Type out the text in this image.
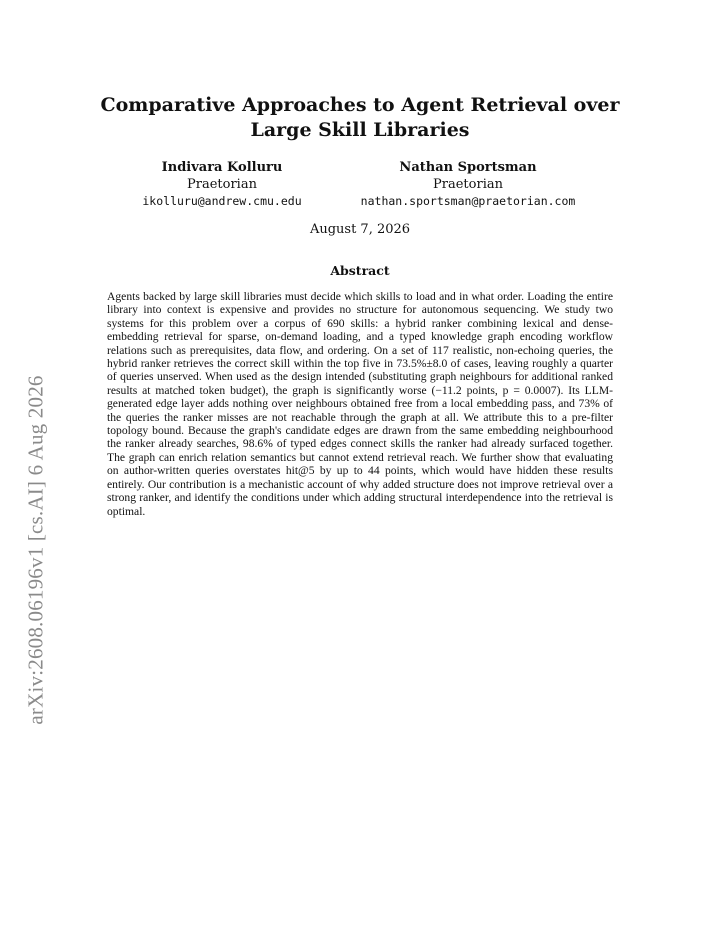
arXiv:2608.06196v1 [cs.AI] 6 Aug 2026
Comparative Approaches to Agent Retrieval over Large Skill Libraries
Indivara Kolluru
Praetorian
ikolluru@andrew.cmu.edu
Nathan Sportsman
Praetorian
nathan.sportsman@praetorian.com
August 7, 2026
Abstract

Agents backed by large skill libraries must decide which skills to load and in what order. Loading the entire library into context is expensive and provides no structure for autonomous sequencing. We study two systems for this problem over a corpus of 690 skills: a hybrid ranker combining lexical and dense-embedding retrieval for sparse, on-demand loading, and a typed knowledge graph encoding workflow relations such as prerequisites, data flow, and ordering. On a set of 117 realistic, non-echoing queries, the hybrid ranker retrieves the correct skill within the top five in 73.5%±8.0 of cases, leaving roughly a quarter of queries unserved. When used as the design intended (substituting graph neighbours for additional ranked results at matched token budget), the graph is significantly worse (−11.2 points, p = 0.0007). Its LLM-generated edge layer adds nothing over neighbours obtained free from a local embedding pass, and 73% of the queries the ranker misses are not reachable through the graph at all. We attribute this to a pre-filter topology bound. Because the graph's candidate edges are drawn from the same embedding neighbourhood the ranker already searches, 98.6% of typed edges connect skills the ranker had already surfaced together. The graph can enrich relation semantics but cannot extend retrieval reach. We further show that evaluating on author-written queries overstates hit@5 by up to 44 points, which would have hidden these results entirely. Our contribution is a mechanistic account of why added structure does not improve retrieval over a strong ranker, and identify the conditions under which adding structural interdependence into the retrieval is optimal.
